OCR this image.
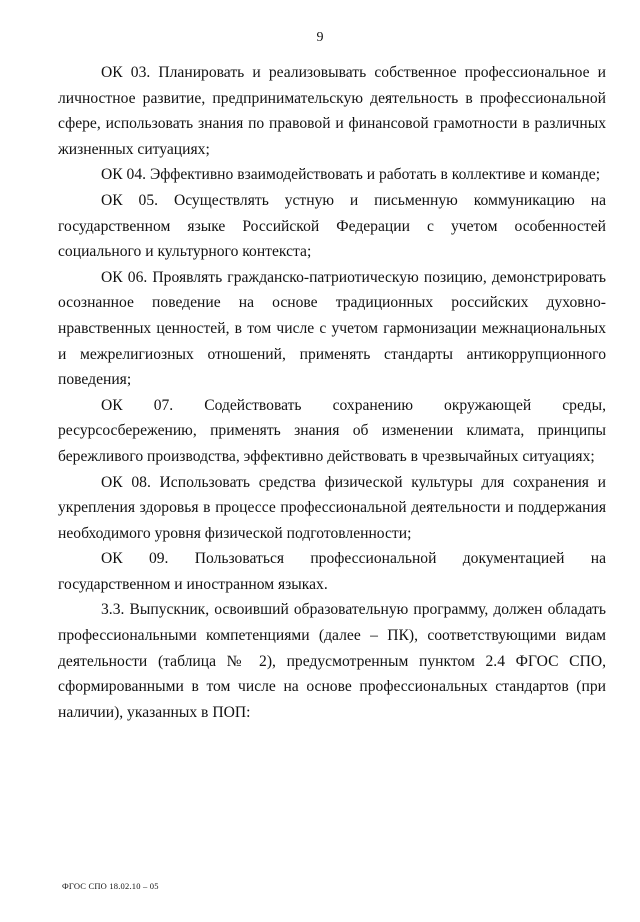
9

ОК 03. Планировать и реализовывать собственное профессиональное и личностное развитие, предпринимательскую деятельность в профессиональной сфере, использовать знания по правовой и финансовой грамотности в различных жизненных ситуациях;

ОК 04. Эффективно взаимодействовать и работать в коллективе и команде;

ОК 05. Осуществлять устную и письменную коммуникацию на государственном языке Российской Федерации с учетом особенностей социального и культурного контекста;

ОК 06. Проявлять гражданско-патриотическую позицию, демонстрировать осознанное поведение на основе традиционных российских духовно-нравственных ценностей, в том числе с учетом гармонизации межнациональных и межрелигиозных отношений, применять стандарты антикоррупционного поведения;

ОК 07. Содействовать сохранению окружающей среды, ресурсосбережению, применять знания об изменении климата, принципы бережливого производства, эффективно действовать в чрезвычайных ситуациях;

ОК 08. Использовать средства физической культуры для сохранения и укрепления здоровья в процессе профессиональной деятельности и поддержания необходимого уровня физической подготовленности;

ОК 09. Пользоваться профессиональной документацией на государственном и иностранном языках.

3.3. Выпускник, освоивший образовательную программу, должен обладать профессиональными компетенциями (далее – ПК), соответствующими видам деятельности (таблица № 2), предусмотренным пунктом 2.4 ФГОС СПО, сформированными в том числе на основе профессиональных стандартов (при наличии), указанных в ПОП:

ФГОС СПО 18.02.10 – 05
